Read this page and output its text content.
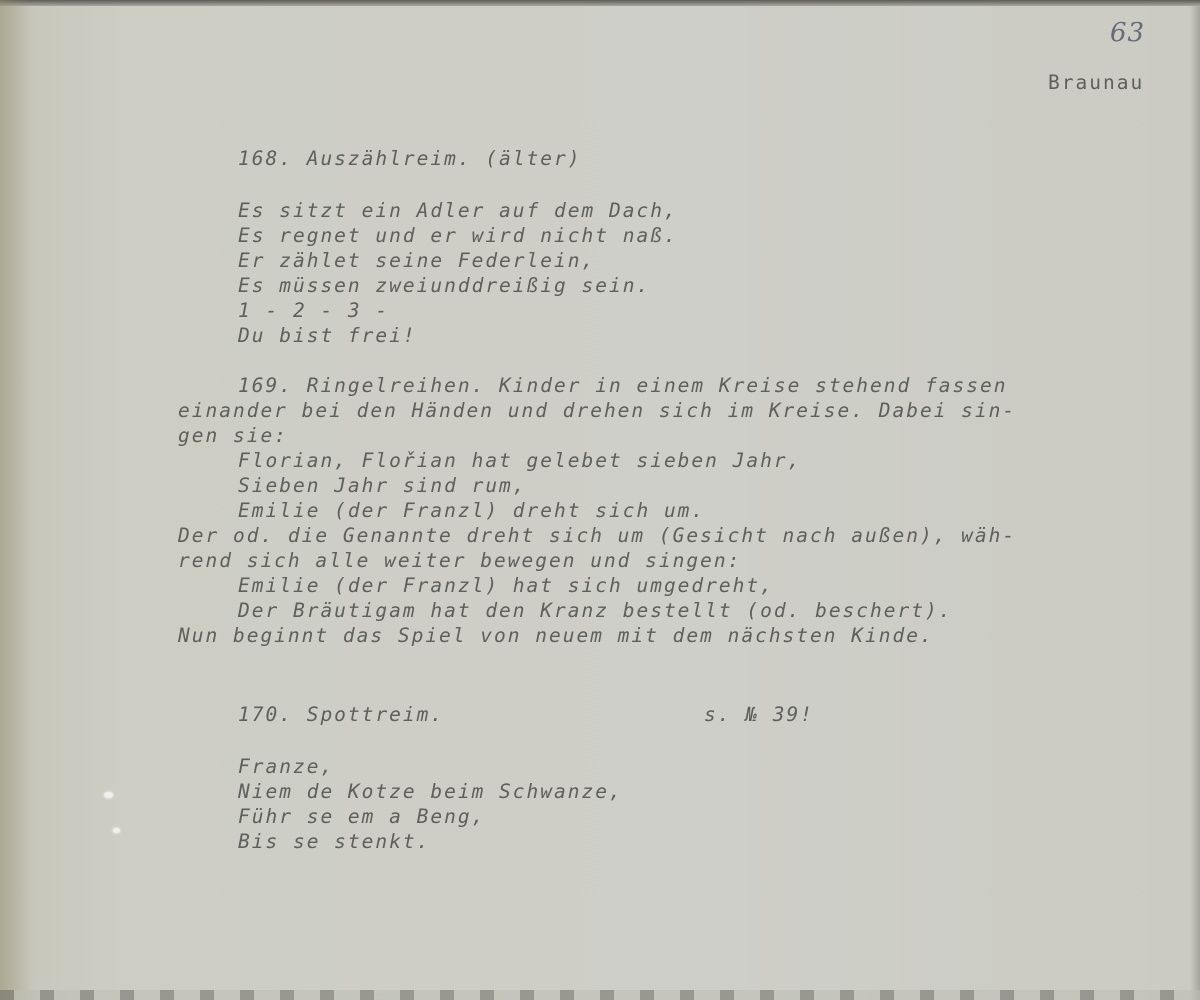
63
Braunau
168. Auszählreim. (älter)
Es sitzt ein Adler auf dem Dach,
Es regnet und er wird nicht naß.
Er zählet seine Federlein,
Es müssen zweiunddreißig sein.
1 - 2 - 3 -
Du bist frei!
169. Ringelreihen. Kinder in einem Kreise stehend fassen
einander bei den Händen und drehen sich im Kreise. Dabei sin-
gen sie:
Florian, Flořian hat gelebet sieben Jahr,
Sieben Jahr sind rum,
Emilie (der Franzl) dreht sich um.
Der od. die Genannte dreht sich um (Gesicht nach außen), wäh-
rend sich alle weiter bewegen und singen:
Emilie (der Franzl) hat sich umgedreht,
Der Bräutigam hat den Kranz bestellt (od. beschert).
Nun beginnt das Spiel von neuem mit dem nächsten Kinde.
170. Spottreim.	s. № 39!
Franze,
Niem de Kotze beim Schwanze,
Führ se em a Beng,
Bis se stenkt.
